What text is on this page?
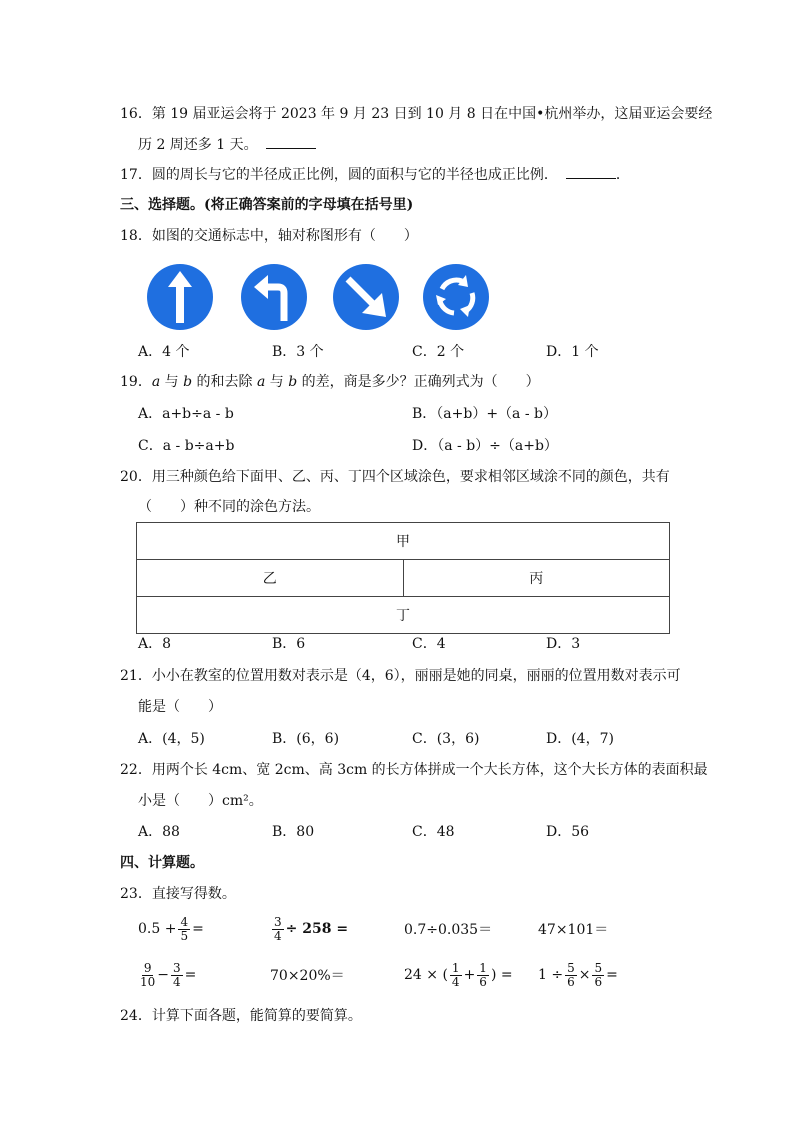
16．第 19 届亚运会将于 2023 年 9 月 23 日到 10 月 8 日在中国•杭州举办，这届亚运会要经
历 2 周还多 1 天。
17．圆的周长与它的半径成正比例，圆的面积与它的半径也成正比例．	．
三、选择题。(将正确答案前的字母填在括号里)
18．如图的交通标志中，轴对称图形有（　　）
A．4 个	B．3 个	C．2 个	D．1 个
19．a 与 b 的和去除 a 与 b 的差，商是多少？正确列式为（　　）
A．a+b÷a - b	B．（a+b）+（a - b）
C．a - b÷a+b	D．（a - b）÷（a+b）
20．用三种颜色给下面甲、乙、丙、丁四个区域涂色，要求相邻区域涂不同的颜色，共有
（　　）种不同的涂色方法。
甲
乙	丙
丁
A．8	B．6	C．4	D．3
21．小小在教室的位置用数对表示是（4，6），丽丽是她的同桌，丽丽的位置用数对表示可
能是（　　）
A．(4，5)	B．(6，6)	C．(3，6)	D．(4，7)
22．用两个长 4cm、宽 2cm、高 3cm 的长方体拼成一个大长方体，这个大长方体的表面积最
小是（　　）cm²。
A．88	B．80	C．48	D．56
四、计算题。
23．直接写得数。
$0.5 + \frac{4}{5}$ =	$\frac{3}{4} \div 258$ =	0.7÷0.035＝	47×101＝
$\frac{9}{10} - \frac{3}{4}$ =	70×20%＝	24 × ( $\frac{1}{4} + \frac{1}{6}$ ) = $1 \div \frac{5}{6} \times \frac{5}{6}$ =
24．计算下面各题，能简算的要简算。
